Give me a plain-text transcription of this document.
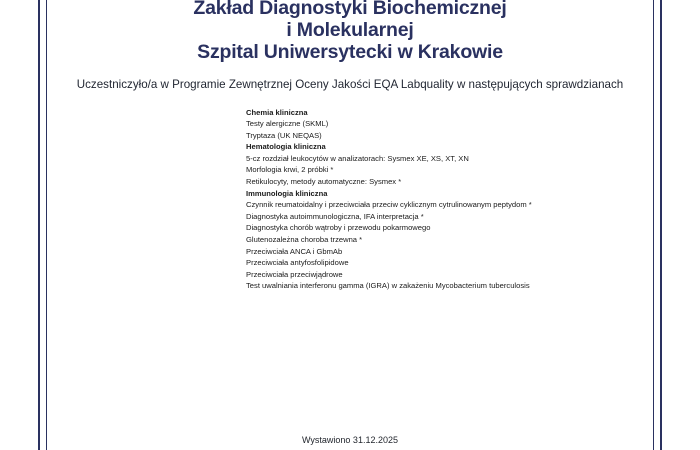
Zakład Diagnostyki Biochemicznej
i Molekularnej
Szpital Uniwersytecki w Krakowie
Uczestniczyło/a w Programie Zewnętrznej Oceny Jakości EQA Labquality w następujących sprawdzianach
Chemia kliniczna
Testy alergiczne (SKML)
Tryptaza (UK NEQAS)
Hematologia kliniczna
5-cz rozdział leukocytów w analizatorach: Sysmex XE, XS, XT, XN
Morfologia krwi, 2 próbki *
Retikulocyty, metody automatyczne: Sysmex *
Immunologia kliniczna
Czynnik reumatoidalny i przeciwciała przeciw cyklicznym cytrulinowanym peptydom *
Diagnostyka autoimmunologiczna, IFA interpretacja *
Diagnostyka chorób wątroby i przewodu pokarmowego
Glutenozależna choroba trzewna *
Przeciwciała ANCA i GbmAb
Przeciwciała antyfosfolipidowe
Przeciwciała przeciwjądrowe
Test uwalniania interferonu gamma (IGRA) w zakażeniu Mycobacterium tuberculosis
Wystawiono 31.12.2025
